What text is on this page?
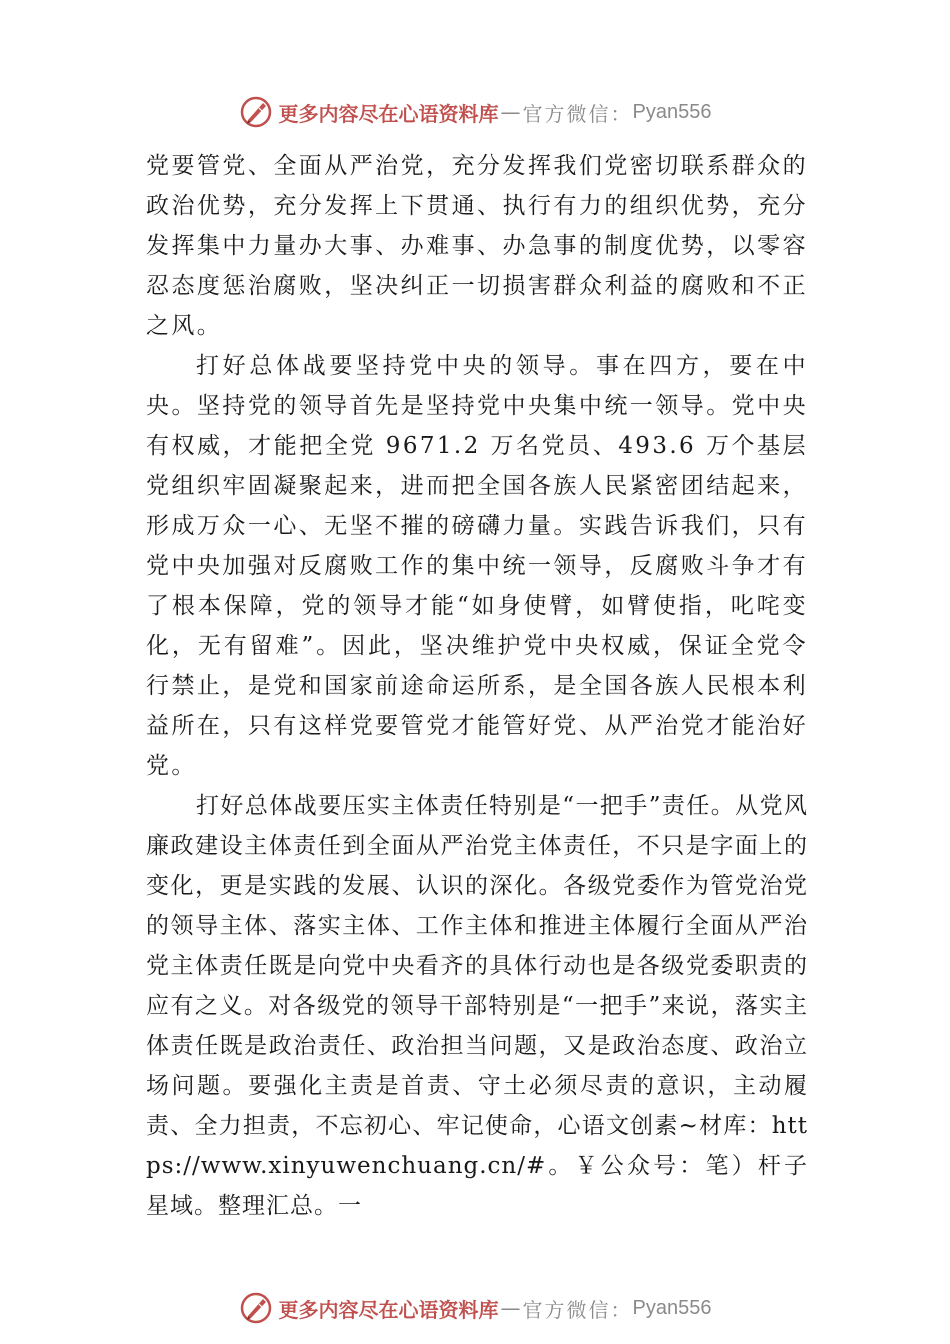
更多内容尽在心语资料库 — 官方微信： Pyan556

党要管党、全面从严治党，充分发挥我们党密切联系群众的政治优势，充分发挥上下贯通、执行有力的组织优势，充分发挥集中力量办大事、办难事、办急事的制度优势，以零容忍态度惩治腐败，坚决纠正一切损害群众利益的腐败和不正之风。

打好总体战要坚持党中央的领导。事在四方，要在中央。坚持党的领导首先是坚持党中央集中统一领导。党中央有权威，才能把全党 9671.2 万名党员、493.6 万个基层党组织牢固凝聚起来，进而把全国各族人民紧密团结起来，形成万众一心、无坚不摧的磅礴力量。实践告诉我们，只有党中央加强对反腐败工作的集中统一领导，反腐败斗争才有了根本保障，党的领导才能“如身使臂，如臂使指，叱咤变化，无有留难”。因此，坚决维护党中央权威，保证全党令行禁止，是党和国家前途命运所系，是全国各族人民根本利益所在，只有这样党要管党才能管好党、从严治党才能治好党。

打好总体战要压实主体责任特别是“一把手”责任。从党风廉政建设主体责任到全面从严治党主体责任，不只是字面上的变化，更是实践的发展、认识的深化。各级党委作为管党治党的领导主体、落实主体、工作主体和推进主体履行全面从严治党主体责任既是向党中央看齐的具体行动也是各级党委职责的应有之义。对各级党的领导干部特别是“一把手”来说，落实主体责任既是政治责任、政治担当问题，又是政治态度、政治立场问题。要强化主责是首责、守土必须尽责的意识，主动履责、全力担责，不忘初心、牢记使命，心语文创素~材库：https://www.xinyuwenchuang.cn/#。￥公众号：笔）杆子星域。整理汇总。一

更多内容尽在心语资料库 — 官方微信： Pyan556
